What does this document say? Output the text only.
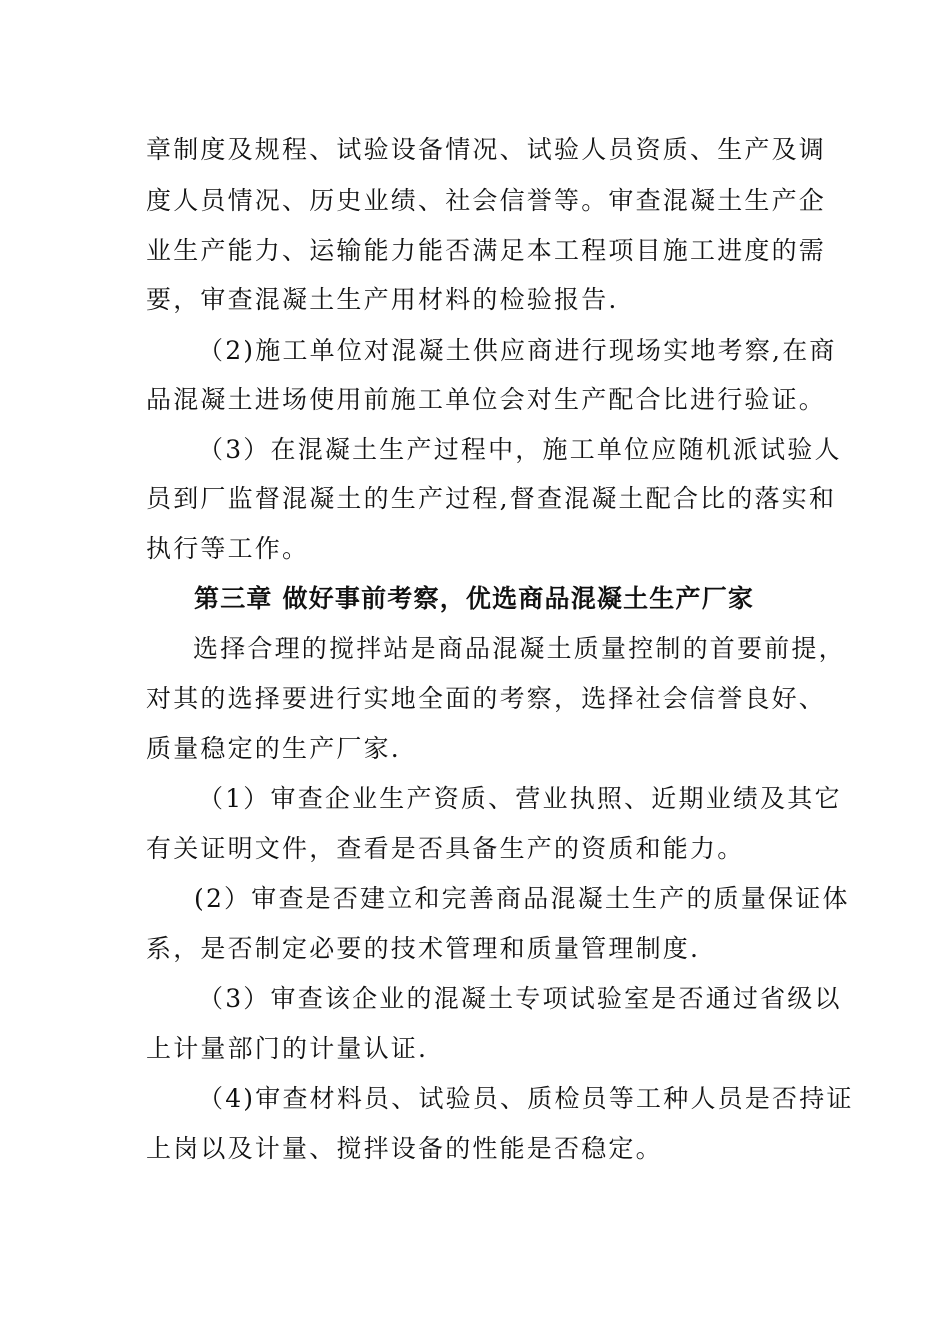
章制度及规程、试验设备情况、试验人员资质、生产及调
度人员情况、历史业绩、社会信誉等。审查混凝土生产企
业生产能力、运输能力能否满足本工程项目施工进度的需
要，审查混凝土生产用材料的检验报告.
（2)施工单位对混凝土供应商进行现场实地考察,在商
品混凝土进场使用前施工单位会对生产配合比进行验证。
（3）在混凝土生产过程中，施工单位应随机派试验人
员到厂监督混凝土的生产过程,督查混凝土配合比的落实和
执行等工作。
第三章 做好事前考察，优选商品混凝土生产厂家
选择合理的搅拌站是商品混凝土质量控制的首要前提，
对其的选择要进行实地全面的考察，选择社会信誉良好、
质量稳定的生产厂家.
（1）审查企业生产资质、营业执照、近期业绩及其它
有关证明文件，查看是否具备生产的资质和能力。
(2）审查是否建立和完善商品混凝土生产的质量保证体
系，是否制定必要的技术管理和质量管理制度.
（3）审查该企业的混凝土专项试验室是否通过省级以
上计量部门的计量认证.
（4)审查材料员、试验员、质检员等工种人员是否持证
上岗以及计量、搅拌设备的性能是否稳定。
